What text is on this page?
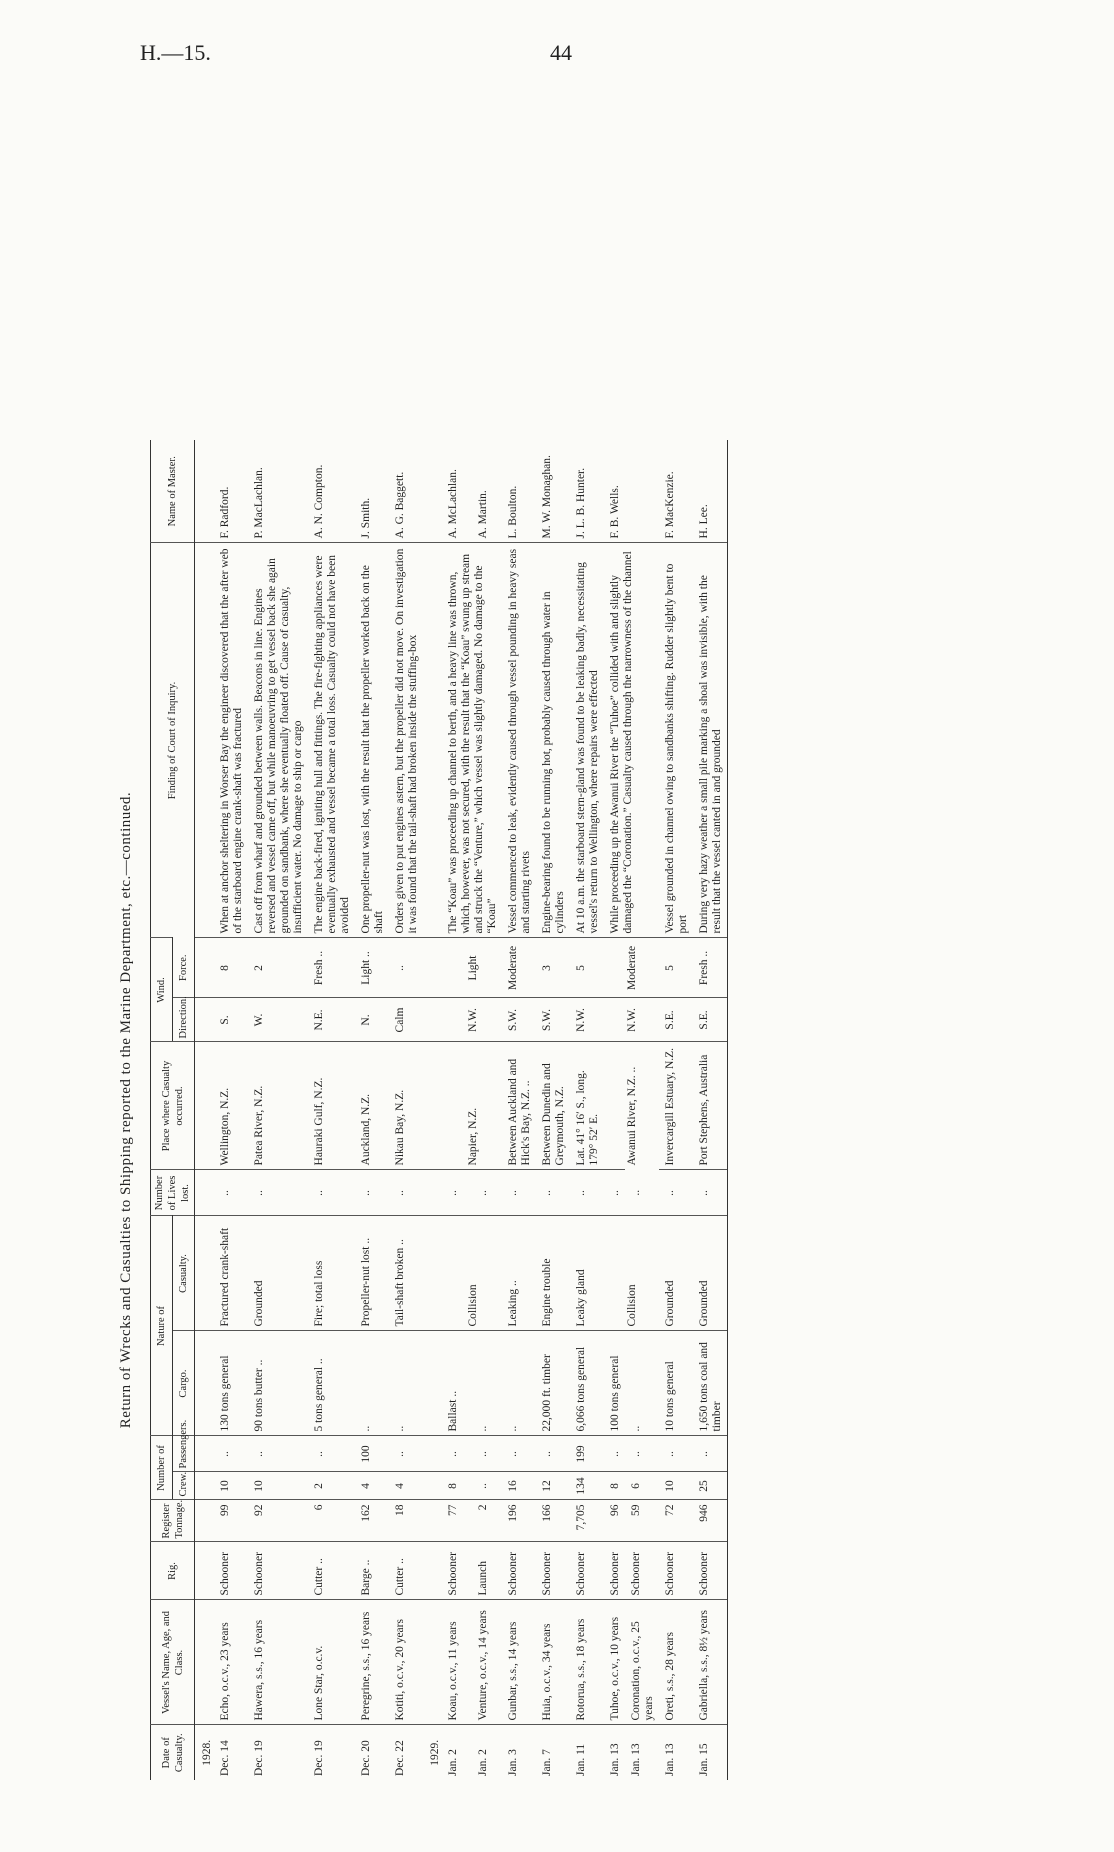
H.—15.	44
Return of Wrecks and Casualties to Shipping reported to the Marine Department, etc.—continued.
Date of Casualty.	Vessel's Name, Age, and Class.	Rig.	Register Tonnage.	Number of		Nature of		Number of Lives lost.	Place where Casualty occurred.	Wind.		Finding of Court of Inquiry.	Name of Master.
				Crew.	Passengers.	Cargo.	Casualty.			Direction.	Force.		
1928.													
Dec. 14	Echo, o.c.v., 23 years	Schooner	99	10	..	130 tons general	Fractured crank-shaft	..	Wellington, N.Z.	S.	8	When at anchor sheltering in Worser Bay the engineer discovered that the after web of the starboard engine crank-shaft was fractured	F. Radford.
Dec. 19	Hawera, s.s., 16 years	Schooner	92	10	..	90 tons butter ..	Grounded	..	Patea River, N.Z.	W.	2	Cast off from wharf and grounded between walls. Beacons in line. Engines reversed and vessel came off, but while manoeuvring to get vessel back she again grounded on sandbank, where she eventually floated off. Cause of casualty, insufficient water. No damage to ship or cargo	P. MacLachlan.
Dec. 19	Lone Star, o.c.v.	Cutter ..	6	2	..	5 tons general ..	Fire; total loss	..	Hauraki Gulf, N.Z.	N.E.	Fresh ..	The engine back-fired, igniting hull and fittings. The fire-fighting appliances were eventually exhausted and vessel became a total loss. Casualty could not have been avoided	A. N. Compton.
Dec. 20	Peregrine, s.s., 16 years	Barge ..	162	4	100	..	Propeller-nut lost ..	..	Auckland, N.Z.	N.	Light ..	One propeller-nut was lost, with the result that the propeller worked back on the shaft	J. Smith.
Dec. 22	Kotiti, o.c.v., 20 years	Cutter ..	18	4	..	..	Tail-shaft broken ..	..	Nikau Bay, N.Z.	Calm	..	Orders given to put engines astern, but the propeller did not move. On investigation it was found that the tail-shaft had broken inside the stuffing-box	A. G. Baggett.
1929.													
Jan. 2	Koau, o.c.v., 11 years	Schooner	77	8	..	Ballast ..	Collision	..	Napier, N.Z.	N.W.	Light	The “Koau” was proceeding up channel to berth, and a heavy line was thrown, which, however, was not secured, with the result that the “Koau” swung up stream and struck the “Venture,” which vessel was slightly damaged. No damage to the “Koau”	A. McLachlan.
Jan. 2	Venture, o.c.v., 14 years	Launch	2	..	..	..		..					A. Martin.
Jan. 3	Gunbar, s.s., 14 years	Schooner	196	16	..	..	Leaking ..	..	Between Auckland and Hick's Bay, N.Z. ..	S.W.	Moderate	Vessel commenced to leak, evidently caused through vessel pounding in heavy seas and starting rivets	L. Boulton.
Jan. 7	Huia, o.c.v., 34 years	Schooner	166	12	..	22,000 ft. timber	Engine trouble	..	Between Dunedin and Greymouth, N.Z.	S.W.	3	Engine-bearing found to be running hot, probably caused through water in cylinders	M. W. Monaghan.
Jan. 11	Rotorua, s.s., 18 years	Schooner	7,705	134	199	6,066 tons general	Leaky gland	..	Lat. 41° 16′ S., long. 179° 52′ E.	N.W.	5	At 10 a.m. the starboard stern-gland was found to be leaking badly, necessitating vessel's return to Wellington, where repairs were effected	J. L. B. Hunter.
Jan. 13	Tuhoe, o.c.v., 10 years	Schooner	96	8	..	100 tons general	Collision	..	Awanui River, N.Z. ..	N.W.	Moderate	While proceeding up the Awanui River the “Tuhoe” collided with and slightly damaged the “Coronation.” Casualty caused through the narrowness of the channel	F. B. Wells.
Jan. 13	Coronation, o.c.v., 25 years	Schooner	59	6	..	..		..					
Jan. 13	Oreti, s.s., 28 years	Schooner	72	10	..	10 tons general	Grounded	..	Invercargill Estuary, N.Z.	S.E.	5	Vessel grounded in channel owing to sandbanks shifting. Rudder slightly bent to port	F. MacKenzie.
Jan. 15	Gabriella, s.s., 8½ years	Schooner	946	25	..	1,650 tons coal and timber	Grounded	..	Port Stephens, Australia	S.E.	Fresh ..	During very hazy weather a small pile marking a shoal was invisible, with the result that the vessel canted in and grounded	H. Lee.
